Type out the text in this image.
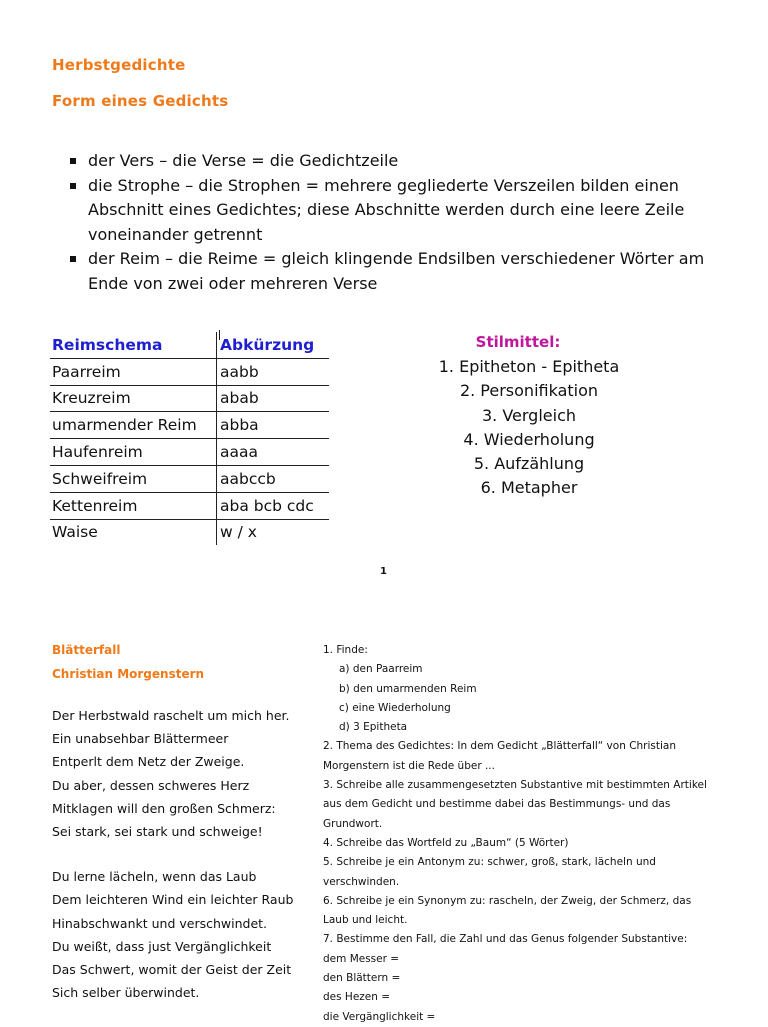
Herbstgedichte
Form eines Gedichts
der Vers – die Verse = die Gedichtzeile
die Strophe – die Strophen = mehrere gegliederte Verszeilen bilden einen
Abschnitt eines Gedichtes; diese Abschnitte werden durch eine leere Zeile
voneinander getrennt
der Reim – die Reime = gleich klingende Endsilben verschiedener Wörter am
Ende von zwei oder mehreren Verse
Reimschema	Abkürzung
Paarreim	aabb
Kreuzreim	abab
umarmender Reim	abba
Haufenreim	aaaa
Schweifreim	aabccb
Kettenreim	aba bcb cdc
Waise	w / x
Stilmittel:
1. Epitheton - Epitheta
2. Personifikation
3. Vergleich
4. Wiederholung
5. Aufzählung
6. Metapher
1
Blätterfall
Christian Morgenstern
Der Herbstwald raschelt um mich her.
Ein unabsehbar Blättermeer
Entperlt dem Netz der Zweige.
Du aber, dessen schweres Herz
Mitklagen will den großen Schmerz:
Sei stark, sei stark und schweige!
Du lerne lächeln, wenn das Laub
Dem leichteren Wind ein leichter Raub
Hinabschwankt und verschwindet.
Du weißt, dass just Vergänglichkeit
Das Schwert, womit der Geist der Zeit
Sich selber überwindet.
1. Finde:
a) den Paarreim
b) den umarmenden Reim
c) eine Wiederholung
d) 3 Epitheta
2. Thema des Gedichtes: In dem Gedicht „Blätterfall“ von Christian
Morgenstern ist die Rede über ...
3. Schreibe alle zusammengesetzten Substantive mit bestimmten Artikel
aus dem Gedicht und bestimme dabei das Bestimmungs- und das
Grundwort.
4. Schreibe das Wortfeld zu „Baum“ (5 Wörter)
5. Schreibe je ein Antonym zu: schwer, groß, stark, lächeln und
verschwinden.
6. Schreibe je ein Synonym zu: rascheln, der Zweig, der Schmerz, das
Laub und leicht.
7. Bestimme den Fall, die Zahl und das Genus folgender Substantive:
dem Messer =
den Blättern =
des Hezen =
die Vergänglichkeit =
